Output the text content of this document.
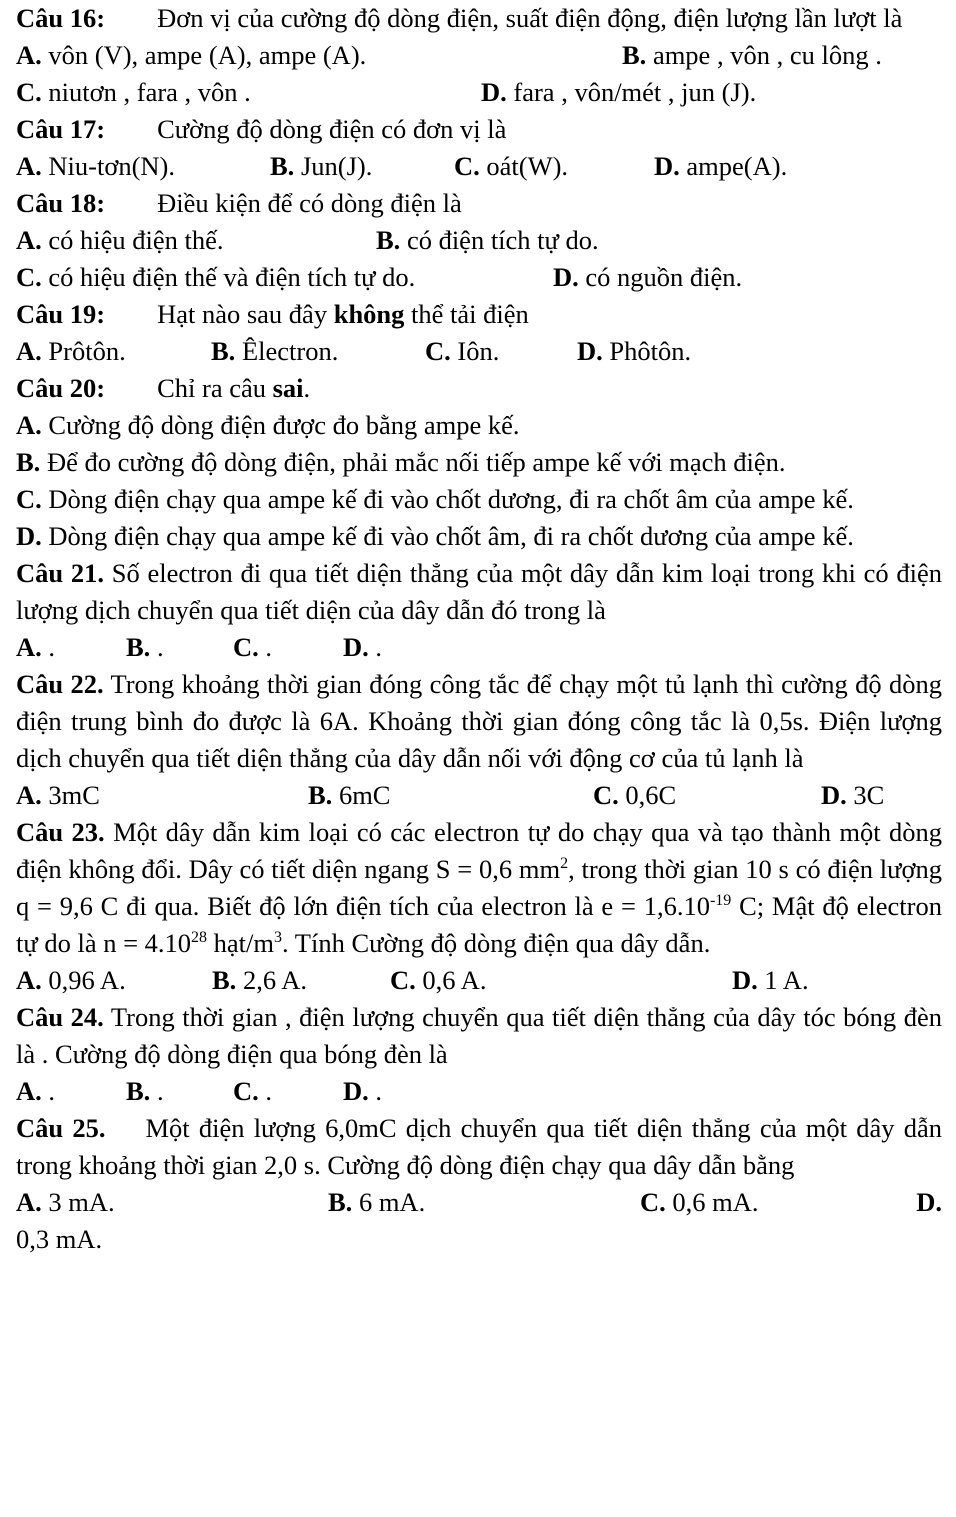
Câu 16: Đơn vị của cường độ dòng điện, suất điện động, điện lượng lần lượt là
A. vôn (V), ampe (A), ampe (A).	B. ampe , vôn , cu lông .
C. niutơn , fara , vôn .	D. fara , vôn/mét , jun (J).
Câu 17: Cường độ dòng điện có đơn vị là
A. Niu-tơn(N).	B. Jun(J).	C. oát(W).	D. ampe(A).
Câu 18: Điều kiện để có dòng điện là
A. có hiệu điện thế.	B. có điện tích tự do.
C. có hiệu điện thế và điện tích tự do.	D. có nguồn điện.
Câu 19: Hạt nào sau đây không thể tải điện
A. Prôtôn.	B. Êlectron.	C. Iôn.	D. Phôtôn.
Câu 20: Chỉ ra câu sai.
A. Cường độ dòng điện được đo bằng ampe kế.
B. Để đo cường độ dòng điện, phải mắc nối tiếp ampe kế với mạch điện.
C. Dòng điện chạy qua ampe kế đi vào chốt dương, đi ra chốt âm của ampe kế.
D. Dòng điện chạy qua ampe kế đi vào chốt âm, đi ra chốt dương của ampe kế.
Câu 21. Số electron đi qua tiết diện thẳng của một dây dẫn kim loại trong khi có điện lượng dịch chuyển qua tiết diện của dây dẫn đó trong là
A. .	B. .	C. .	D. .
Câu 22. Trong khoảng thời gian đóng công tắc để chạy một tủ lạnh thì cường độ dòng điện trung bình đo được là 6A. Khoảng thời gian đóng công tắc là 0,5s. Điện lượng dịch chuyển qua tiết diện thẳng của dây dẫn nối với động cơ của tủ lạnh là
A. 3mC	B. 6mC	C. 0,6C	D. 3C
Câu 23. Một dây dẫn kim loại có các electron tự do chạy qua và tạo thành một dòng điện không đổi. Dây có tiết diện ngang S = 0,6 $mm^2$, trong thời gian 10 s có điện lượng q = 9,6 C đi qua. Biết độ lớn điện tích của electron là $e = 1,6.10^{-19}$ C; Mật độ electron tự do là $n = 4.10^{28}$ hạt/$m^3$. Tính Cường độ dòng điện qua dây dẫn.
A. 0,96 A.	B. 2,6 A.	C. 0,6 A.	D. 1 A.
Câu 24. Trong thời gian , điện lượng chuyển qua tiết diện thẳng của dây tóc bóng đèn là . Cường độ dòng điện qua bóng đèn là
A. .	B. .	C. .	D. .
Câu 25. Một điện lượng 6,0mC dịch chuyển qua tiết diện thẳng của một dây dẫn trong khoảng thời gian 2,0 s. Cường độ dòng điện chạy qua dây dẫn bằng
A. 3 mA.	B. 6 mA.	C. 0,6 mA.	D.
0,3 mA.
